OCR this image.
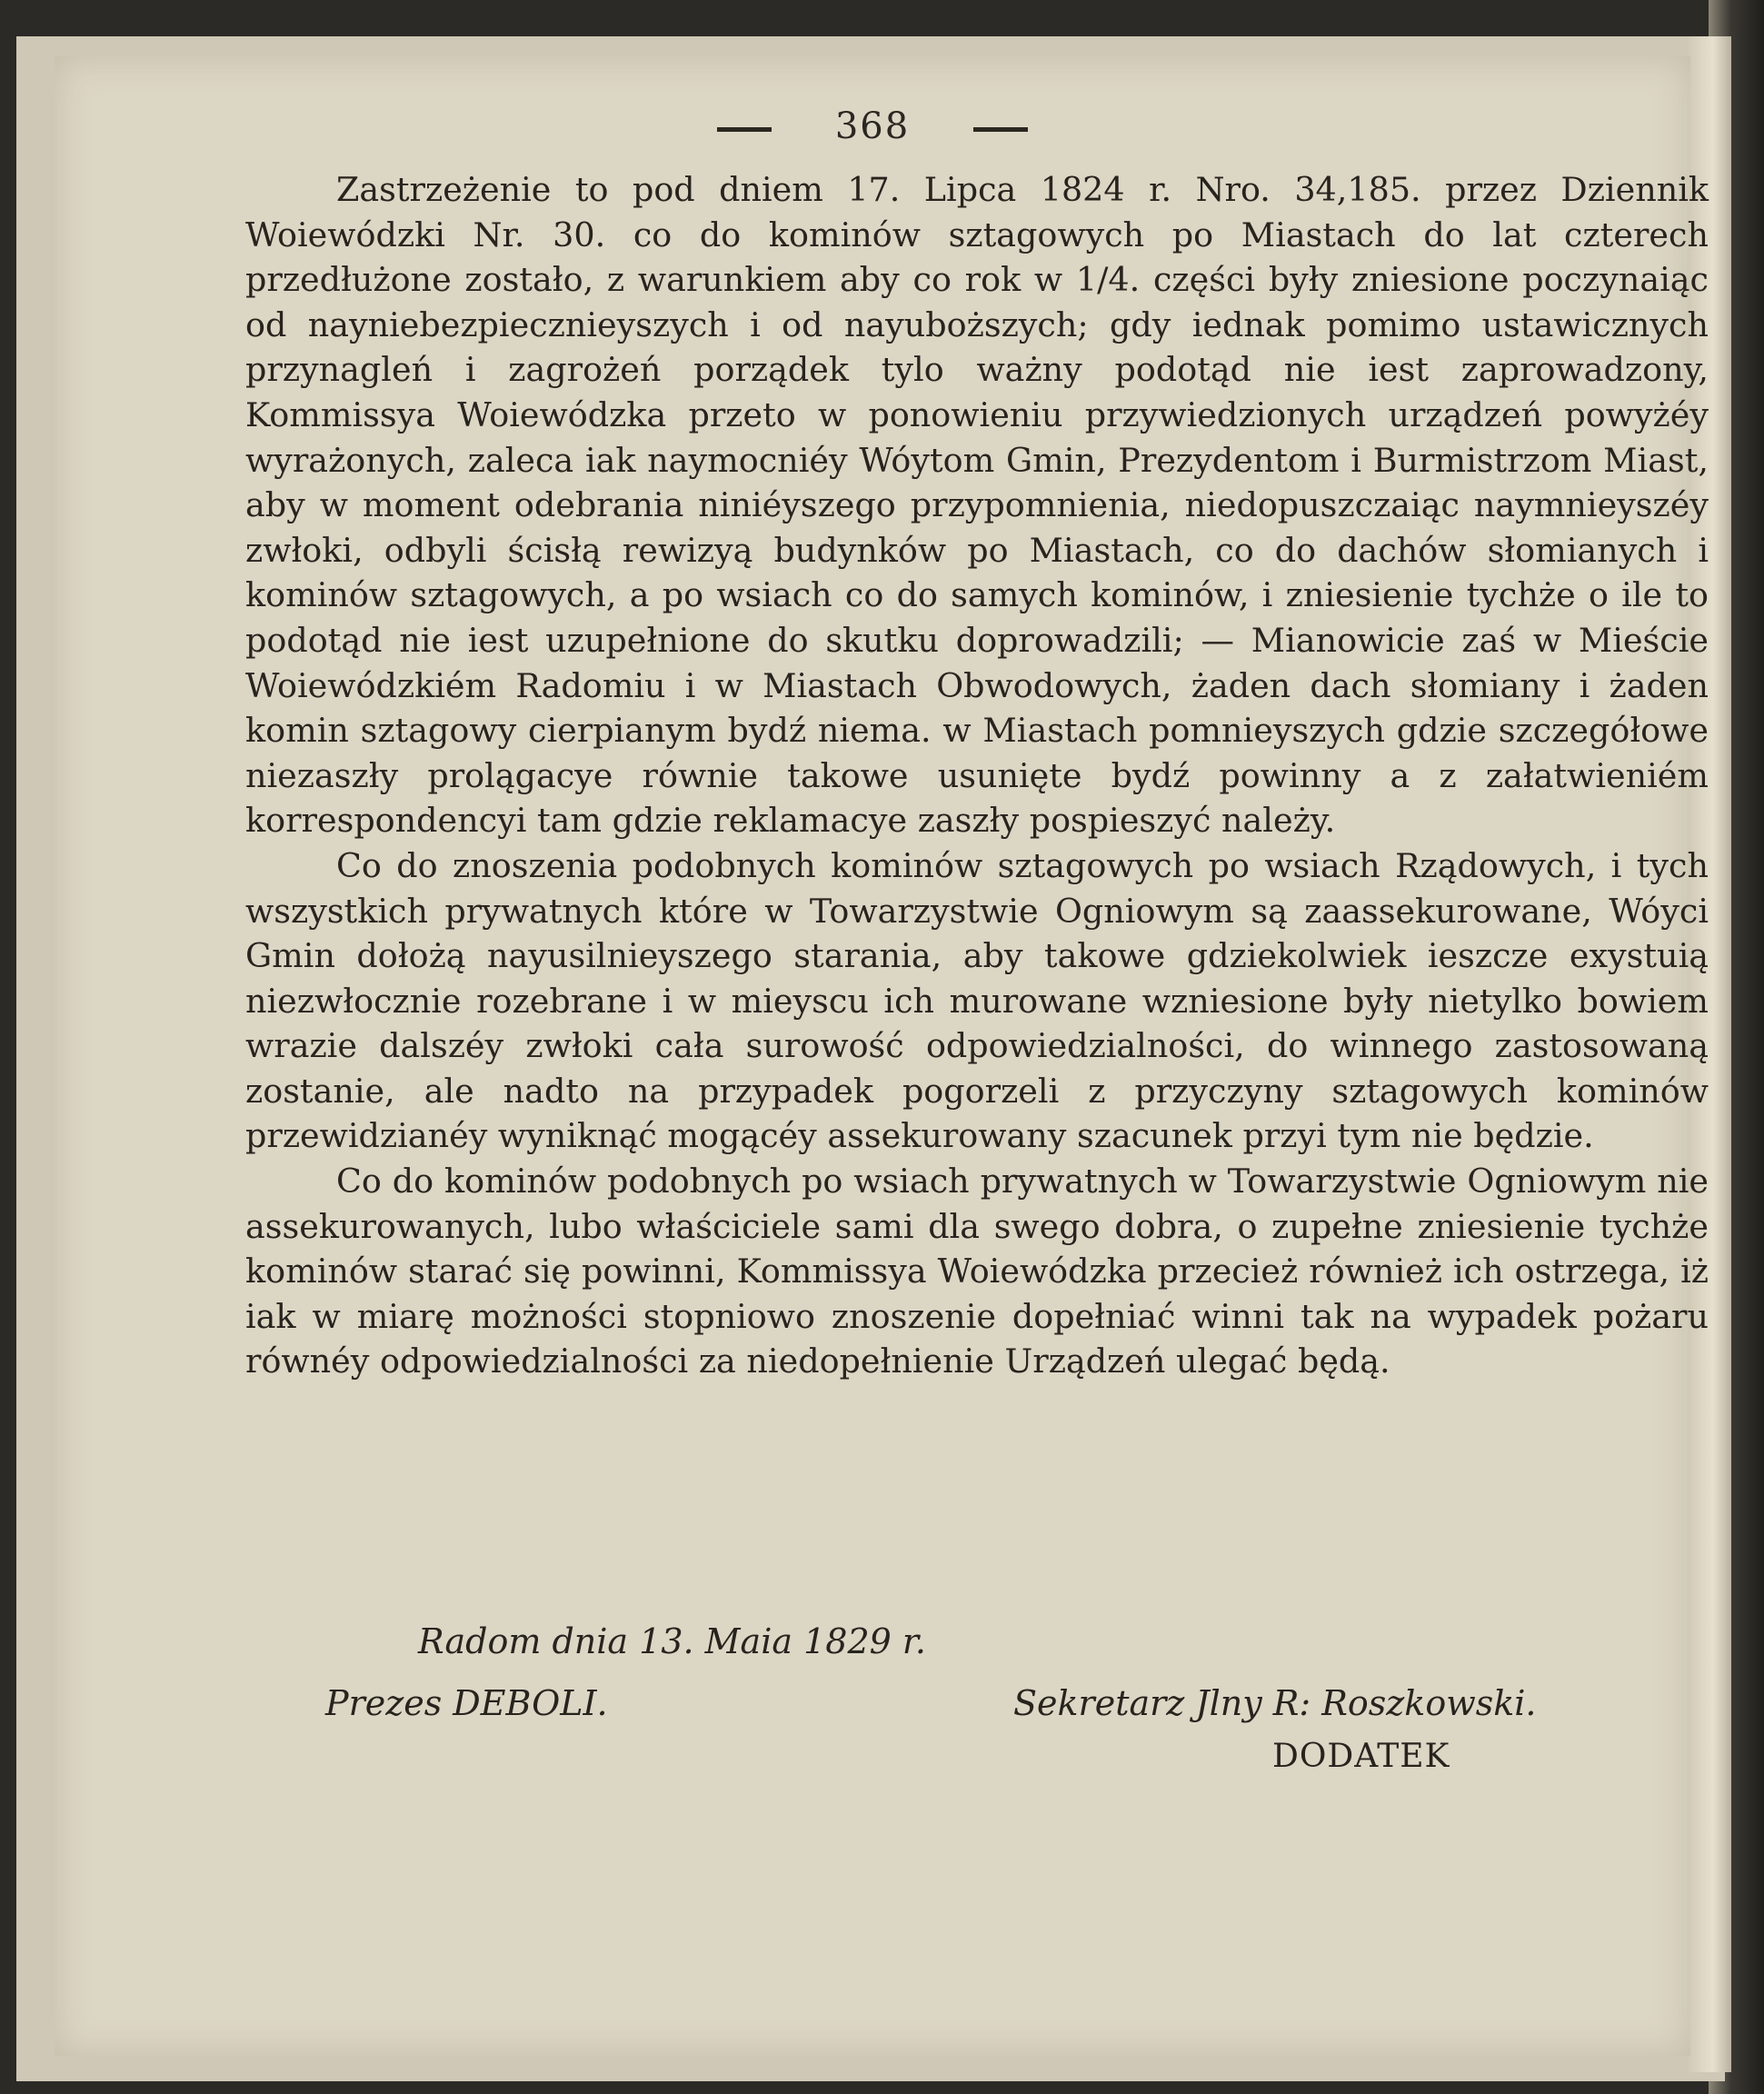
368

Zastrzeżenie to pod dniem 17. Lipca 1824 r. Nro. 34,185. przez Dziennik Woiewódzki Nr. 30. co do kominów sztagowych po Miastach do lat czterech przedłużone zostało, z warunkiem aby co rok w 1/4. części były zniesione poczynaiąc od nayniebezpiecznieyszych i od nayuboższych; gdy iednak pomimo ustawicznych przynagleń i zagrożeń porządek tylo ważny podotąd nie iest zaprowadzony, Kommissya Woiewódzka przeto w ponowieniu przywiedzionych urządzeń powyżéy wyrażonych, zaleca iak naymocniéy Wóytom Gmin, Prezydentom i Burmistrzom Miast, aby w moment odebrania niniéyszego przypomnienia, niedopuszczaiąc naymnieyszéy zwłoki, odbyli ścisłą rewizyą budynków po Miastach, co do dachów słomianych i kominów sztagowych, a po wsiach co do samych kominów, i zniesienie tychże o ile to podotąd nie iest uzupełnione do skutku doprowadzili; — Mianowicie zaś w Mieście Woiewódzkiém Radomiu i w Miastach Obwodowych, żaden dach słomiany i żaden komin sztagowy cierpianym bydź niema. w Miastach pomnieyszych gdzie szczegółowe niezaszły prolągacye równie takowe usunięte bydź powinny a z załatwieniém korrespondencyi tam gdzie reklamacye zaszły pospieszyć należy.

Co do znoszenia podobnych kominów sztagowych po wsiach Rządowych, i tych wszystkich prywatnych które w Towarzystwie Ogniowym są zaassekurowane, Wóyci Gmin dołożą nayusilnieyszego starania, aby takowe gdziekolwiek ieszcze exystuią niezwłocznie rozebrane i w mieyscu ich murowane wzniesione były nietylko bowiem wrazie dalszéy zwłoki cała surowość odpowiedzialności, do winnego zastosowaną zostanie, ale nadto na przypadek pogorzeli z przyczyny sztagowych kominów przewidzianéy wyniknąć mogącéy assekurowany szacunek przyi tym nie będzie.

Co do kominów podobnych po wsiach prywatnych w Towarzystwie Ogniowym nie assekurowanych, lubo właściciele sami dla swego dobra, o zupełne zniesienie tychże kominów starać się powinni, Kommissya Woiewódzka przecież również ich ostrzega, iż iak w miarę możności stopniowo znoszenie dopełniać winni tak na wypadek pożaru równéy odpowiedzialności za niedopełnienie Urządzeń ulegać będą.

Radom dnia 13. Maia 1829 r.
Prezes DEBOLI.	Sekretarz Jlny R: Roszkowski.
DODATEK
